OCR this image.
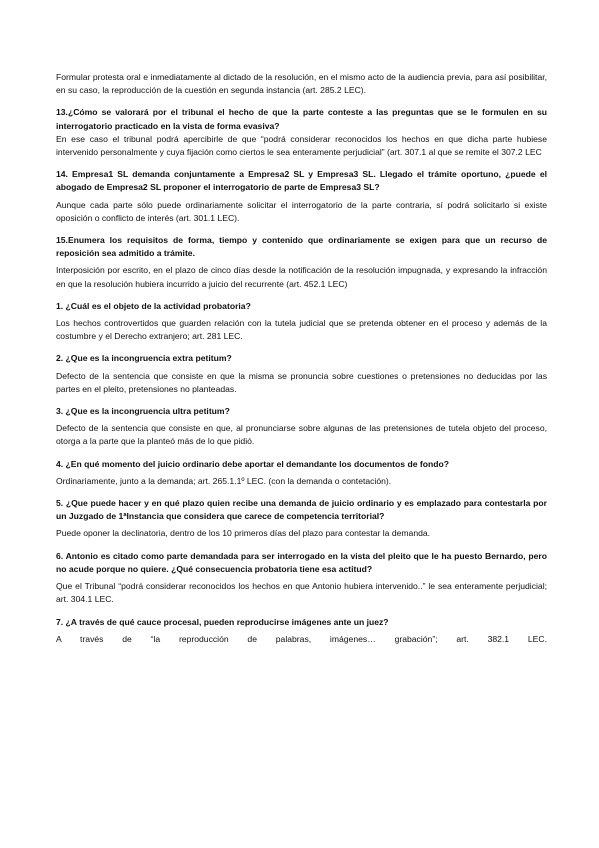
Formular protesta oral e inmediatamente al dictado de la resolución, en el mismo acto de la audiencia previa, para así posibilitar, en su caso, la reproducción de la cuestión en segunda instancia (art. 285.2 LEC).

13.¿Cómo se valorará por el tribunal el hecho de que la parte conteste a las preguntas que se le formulen en su interrogatorio practicado en la vista de forma evasiva?

En ese caso el tribunal podrá apercibirle de que “podrá considerar reconocidos los hechos en que dicha parte hubiese intervenido personalmente y cuya fijación como ciertos le sea enteramente perjudicial” (art. 307.1 al que se remite el 307.2 LEC

14. Empresa1 SL demanda conjuntamente a Empresa2 SL y Empresa3 SL. Llegado el trámite oportuno, ¿puede el abogado de Empresa2 SL proponer el interrogatorio de parte de Empresa3 SL?

Aunque cada parte sólo puede ordinariamente solicitar el interrogatorio de la parte contraria, sí podrá solicitarlo si existe oposición o conflicto de interés (art. 301.1 LEC).

15.Enumera los requisitos de forma, tiempo y contenido que ordinariamente se exigen para que un recurso de reposición sea admitido a trámite.

Interposición por escrito, en el plazo de cinco días desde la notificación de la resolución impugnada, y expresando la infracción en que la resolución hubiera incurrido a juicio del recurrente (art. 452.1 LEC)

1. ¿Cuál es el objeto de la actividad probatoria?

Los hechos controvertidos que guarden relación con la tutela judicial que se pretenda obtener en el proceso y además de la costumbre y el Derecho extranjero; art. 281 LEC.

2. ¿Que es la incongruencia extra petitum?

Defecto de la sentencia que consiste en que la misma se pronuncia sobre cuestiones o pretensiones no deducidas por las partes en el pleito, pretensiones no planteadas.

3. ¿Que es la incongruencia ultra petitum?

Defecto de la sentencia que consiste en que, al pronunciarse sobre algunas de las pretensiones de tutela objeto del proceso, otorga a la parte que la planteó más de lo que pidió.

4. ¿En qué momento del juicio ordinario debe aportar el demandante los documentos de fondo?

Ordinariamente, junto a la demanda; art. 265.1.1º LEC. (con la demanda o contetación).

5. ¿Que puede hacer y en qué plazo quien recibe una demanda de juicio ordinario y es emplazado para contestarla por un Juzgado de 1ªInstancia que considera que carece de competencia territorial?

Puede oponer la declinatoria, dentro de los 10 primeros días del plazo para contestar la demanda.

6. Antonio es citado como parte demandada para ser interrogado en la vista del pleito que le ha puesto Bernardo, pero no acude porque no quiere. ¿Qué consecuencia probatoria tiene esa actitud?

Que el Tribunal “podrá considerar reconocidos los hechos en que Antonio hubiera intervenido..” le sea enteramente perjudicial; art. 304.1 LEC.

7. ¿A través de qué cauce procesal, pueden reproducirse imágenes ante un juez?

A través de “la reproducción de palabras, imágenes… grabación”; art. 382.1 LEC.
